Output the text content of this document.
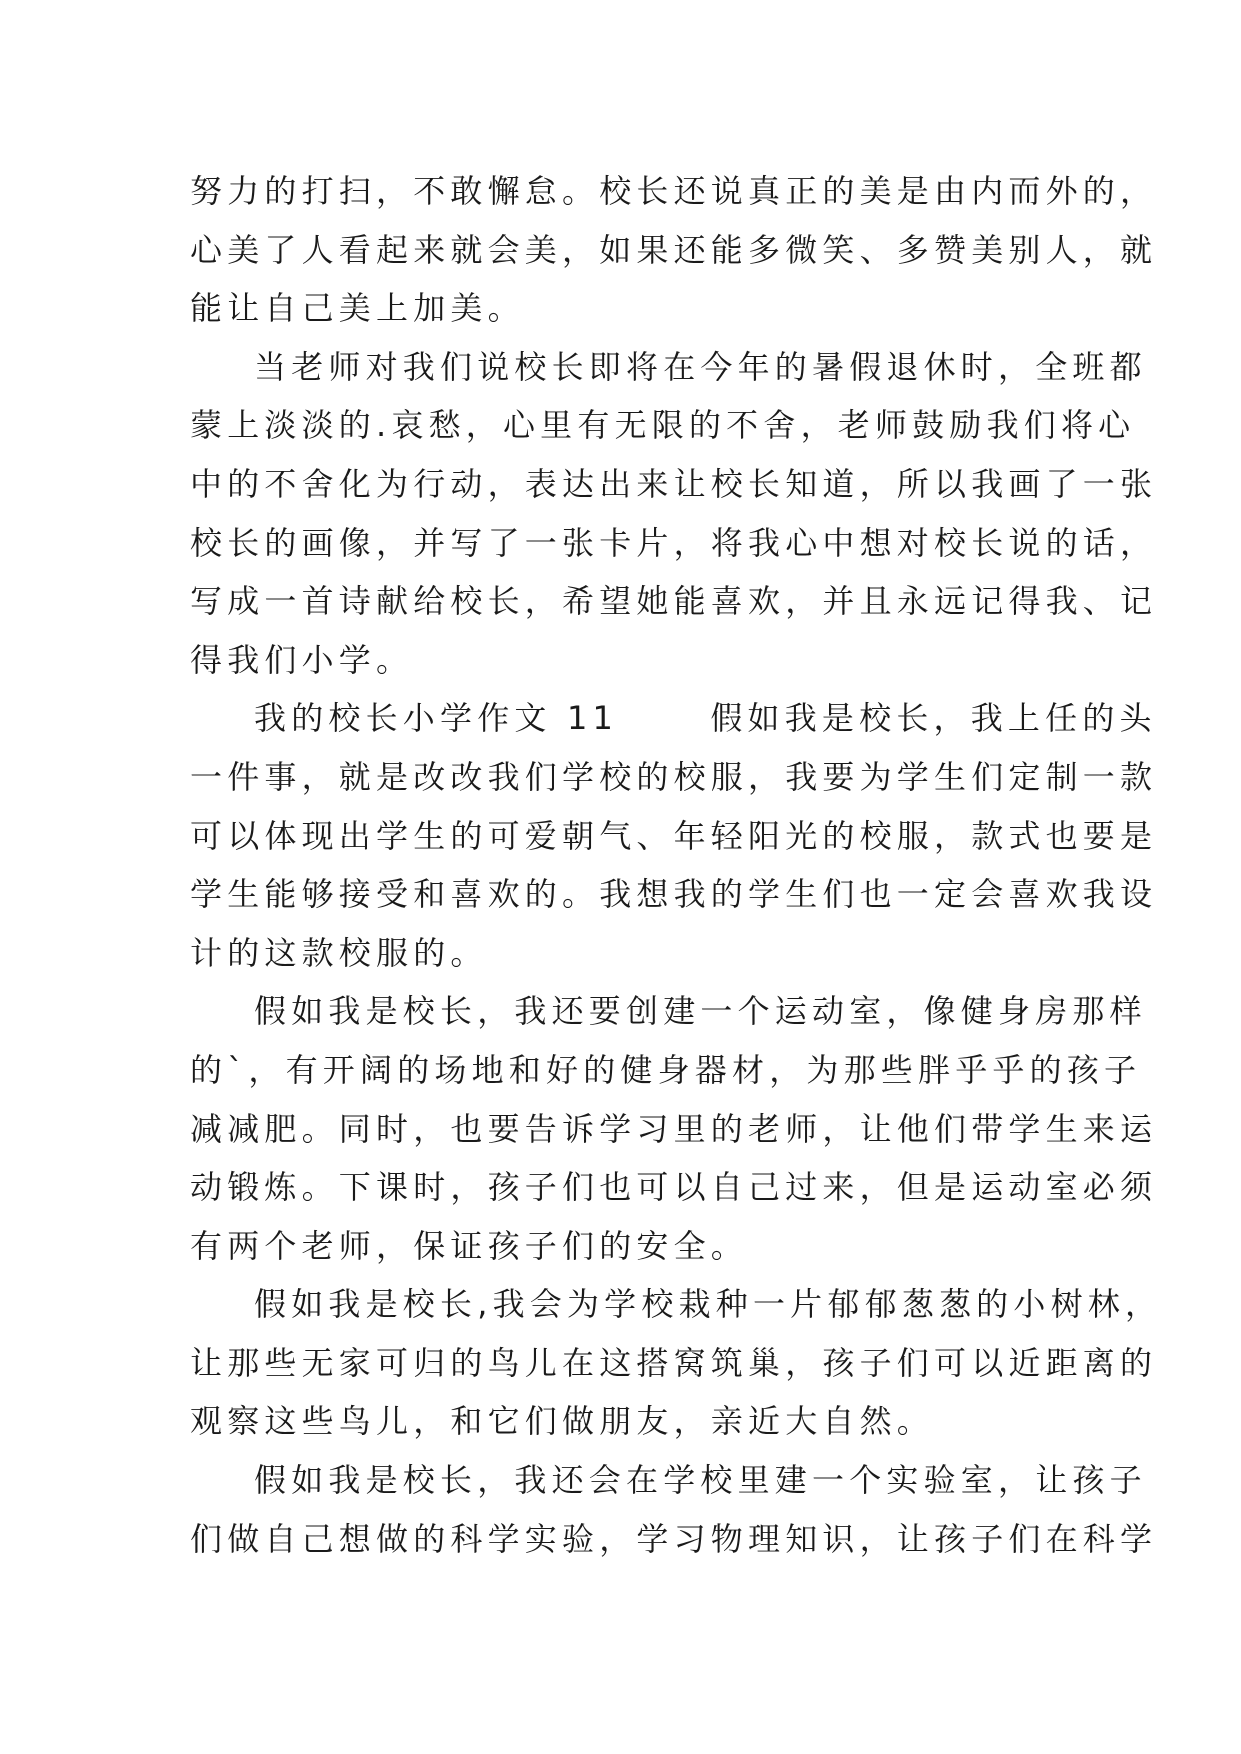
努力的打扫，不敢懈怠。校长还说真正的美是由内而外的，
心美了人看起来就会美，如果还能多微笑、多赞美别人，就
能让自己美上加美。
当老师对我们说校长即将在今年的暑假退休时，全班都
蒙上淡淡的.哀愁，心里有无限的不舍，老师鼓励我们将心
中的不舍化为行动，表达出来让校长知道，所以我画了一张
校长的画像，并写了一张卡片，将我心中想对校长说的话，
写成一首诗献给校长，希望她能喜欢，并且永远记得我、记
得我们小学。
我的校长小学作文 11      假如我是校长，我上任的头
一件事，就是改改我们学校的校服，我要为学生们定制一款
可以体现出学生的可爱朝气、年轻阳光的校服，款式也要是
学生能够接受和喜欢的。我想我的学生们也一定会喜欢我设
计的这款校服的。
假如我是校长，我还要创建一个运动室，像健身房那样
的`，有开阔的场地和好的健身器材，为那些胖乎乎的孩子
减减肥。同时，也要告诉学习里的老师，让他们带学生来运
动锻炼。下课时，孩子们也可以自己过来，但是运动室必须
有两个老师，保证孩子们的安全。
假如我是校长,我会为学校栽种一片郁郁葱葱的小树林，
让那些无家可归的鸟儿在这搭窝筑巢，孩子们可以近距离的
观察这些鸟儿，和它们做朋友，亲近大自然。
假如我是校长，我还会在学校里建一个实验室，让孩子
们做自己想做的科学实验，学习物理知识，让孩子们在科学
